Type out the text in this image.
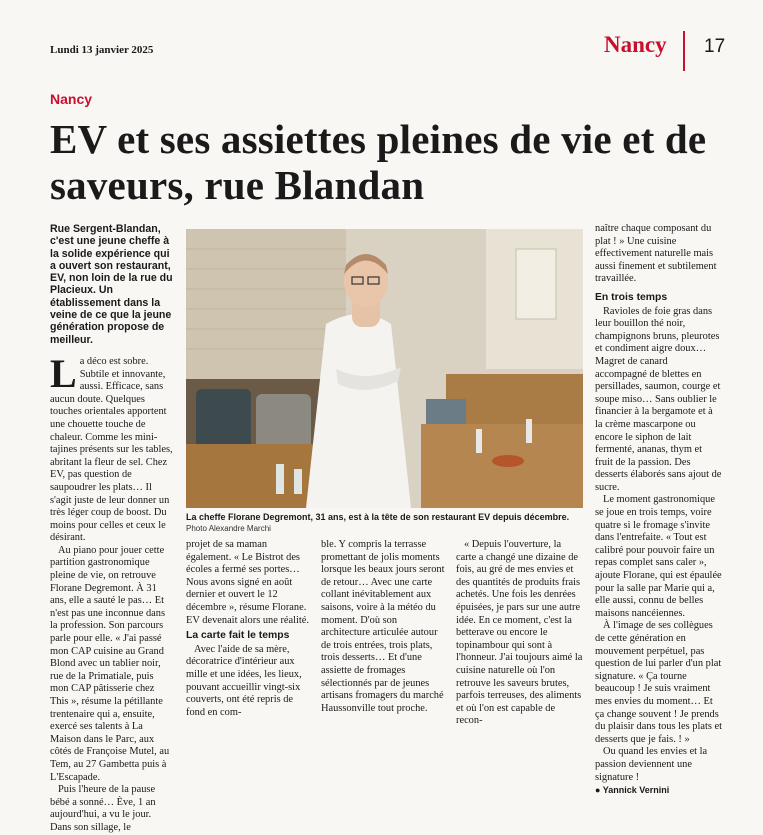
Lundi 13 janvier 2025	Nancy 17
Nancy
EV et ses assiettes pleines de vie et de saveurs, rue Blandan

Rue Sergent-Blandan, c'est une jeune cheffe à la solide expérience qui a ouvert son restaurant, EV, non loin de la rue du Placieux. Un établissement dans la veine de ce que la jeune génération propose de meilleur.

La déco est sobre. Subtile et innovante, aussi. Efficace, sans aucun doute. Quelques touches orientales apportent une chouette touche de chaleur. Comme les mini-tajines présents sur les tables, abritant la fleur de sel. Chez EV, pas question de saupoudrer les plats… Il s'agit juste de leur donner un très léger coup de boost. Du moins pour celles et ceux le désirant.

Au piano pour jouer cette partition gastronomique pleine de vie, on retrouve Florane Degremont. À 31 ans, elle a sauté le pas… Et n'est pas une inconnue dans la profession. Son parcours parle pour elle. « J'ai passé mon CAP cuisine au Grand Blond avec un tablier noir, rue de la Primatiale, puis mon CAP pâtisserie chez This », résume la pétillante trentenaire qui a, ensuite, exercé ses talents à La Maison dans le Parc, aux côtés de Françoise Mutel, au Tem, au 27 Gambetta puis à L'Escapade.

Puis l'heure de la pause bébé a sonné… Ève, 1 an aujourd'hui, a vu le jour. Dans son sillage, le

La cheffe Florane Degremont, 31 ans, est à la tête de son restaurant EV depuis décembre.
Photo Alexandre Marchi

projet de sa maman également. « Le Bistrot des écoles a fermé ses portes… Nous avons signé en août dernier et ouvert le 12 décembre », résume Florane. EV devenait alors une réalité.

La carte fait le temps

Avec l'aide de sa mère, décoratrice d'intérieur aux mille et une idées, les lieux, pouvant accueillir vingt-six couverts, ont été repris de fond en com-

ble. Y compris la terrasse promettant de jolis moments lorsque les beaux jours seront de retour… Avec une carte collant inévitablement aux saisons, voire à la météo du moment. D'où son architecture articulée autour de trois entrées, trois plats, trois desserts… Et d'une assiette de fromages sélectionnés par de jeunes artisans fromagers du marché Haussonville tout proche.

« Depuis l'ouverture, la carte a changé une dizaine de fois, au gré de mes envies et des quantités de produits frais achetés. Une fois les denrées épuisées, je pars sur une autre idée. En ce moment, c'est la betterave ou encore le topinambour qui sont à l'honneur. J'ai toujours aimé la cuisine naturelle où l'on retrouve les saveurs brutes, parfois terreuses, des aliments et où l'on est capable de recon-

naître chaque composant du plat ! » Une cuisine effectivement naturelle mais aussi finement et subtilement travaillée.

En trois temps

Ravioles de foie gras dans leur bouillon thé noir, champignons bruns, pleurotes et condiment aigre doux… Magret de canard accompagné de blettes en persillades, saumon, courge et soupe miso… Sans oublier le financier à la bergamote et à la crème mascarpone ou encore le siphon de lait fermenté, ananas, thym et fruit de la passion. Des desserts élaborés sans ajout de sucre.

Le moment gastronomique se joue en trois temps, voire quatre si le fromage s'invite dans l'entrefaite. « Tout est calibré pour pouvoir faire un repas complet sans caler », ajoute Florane, qui est épaulée pour la salle par Marie qui a, elle aussi, connu de belles maisons nancéiennes.

À l'image de ses collègues de cette génération en mouvement perpétuel, pas question de lui parler d'un plat signature. « Ça tourne beaucoup ! Je suis vraiment mes envies du moment… Et ça change souvent ! Je prends du plaisir dans tous les plats et desserts que je fais. ! »

Ou quand les envies et la passion deviennent une signature !

● Yannick Vernini
